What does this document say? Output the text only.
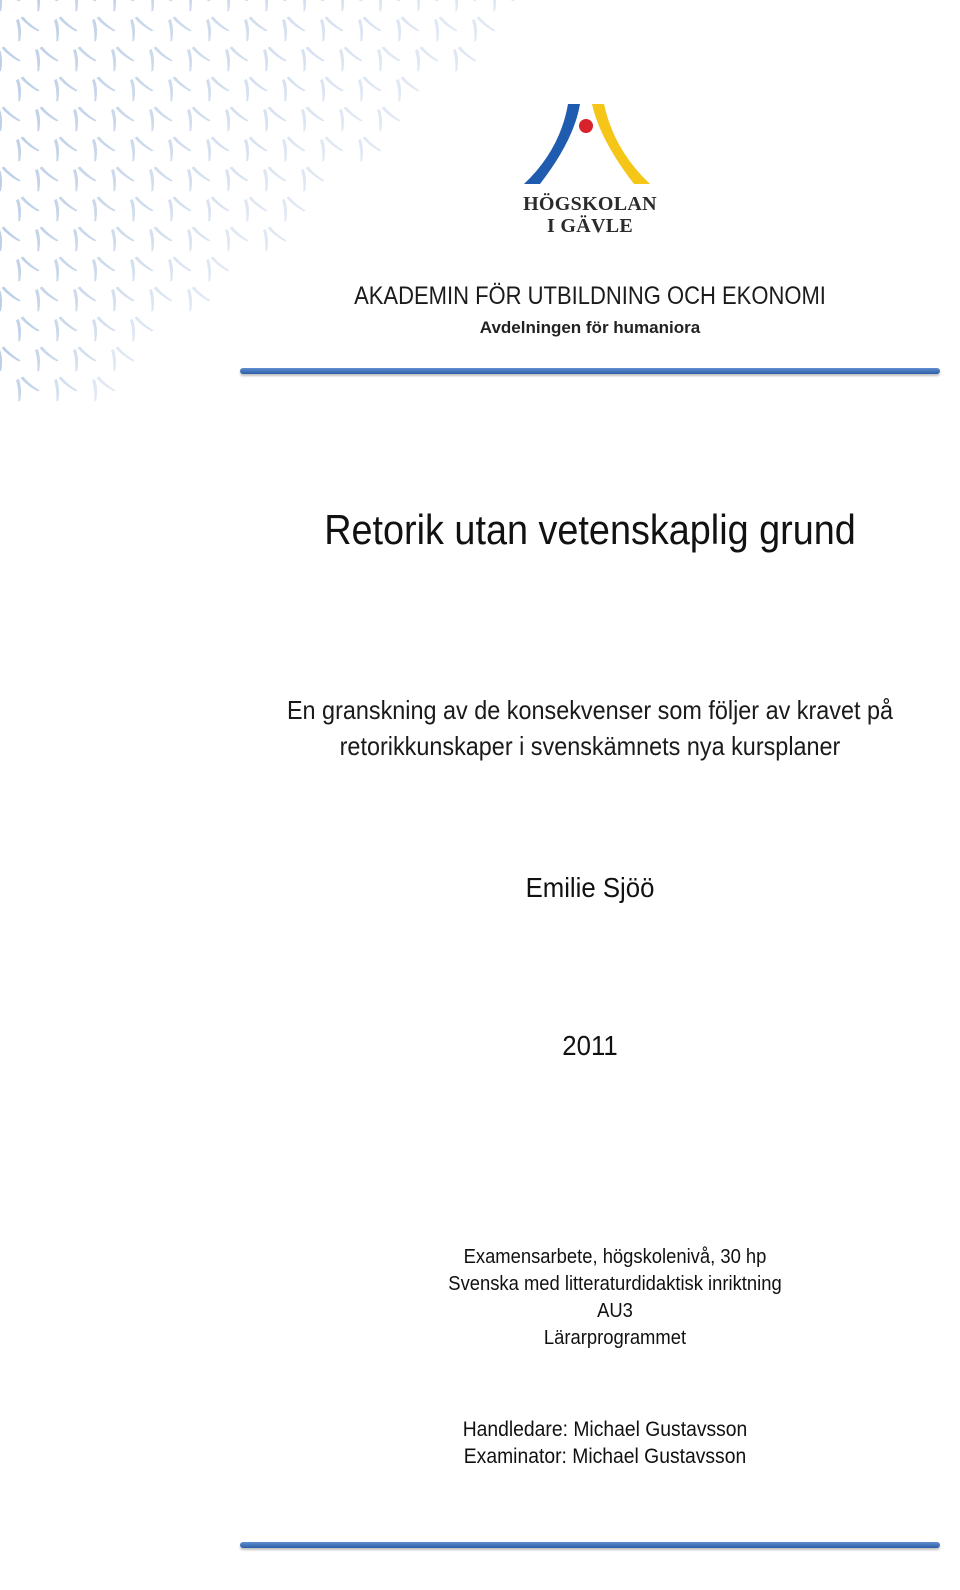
HÖGSKOLAN
I GÄVLE
AKADEMIN FÖR UTBILDNING OCH EKONOMI
Avdelningen för humaniora
Retorik utan vetenskaplig grund
En granskning av de konsekvenser som följer av kravet på
retorikkunskaper i svenskämnets nya kursplaner
Emilie Sjöö
2011
Examensarbete, högskolenivå, 30 hp
Svenska med litteraturdidaktisk inriktning
AU3
Lärarprogrammet
Handledare: Michael Gustavsson
Examinator: Michael Gustavsson
